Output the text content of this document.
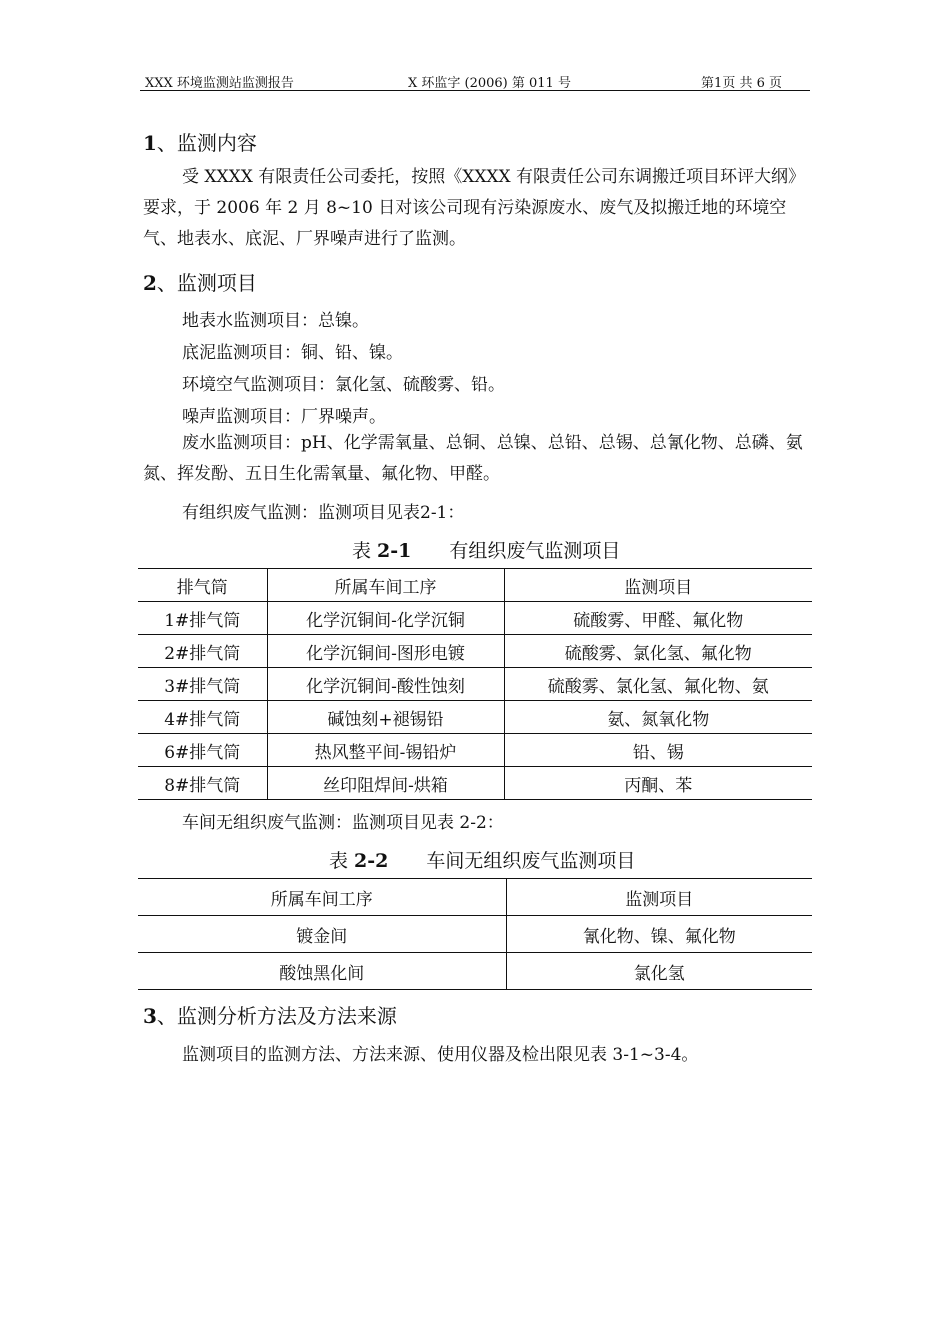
XXX 环境监测站监测报告	X 环监字 (2006) 第 011 号	第1页 共 6 页
1、监测内容
受 XXXX 有限责任公司委托，按照《XXXX 有限责任公司东调搬迁项目环评大纲》要求，于 2006 年 2 月 8~10 日对该公司现有污染源废水、废气及拟搬迁地的环境空气、地表水、底泥、厂界噪声进行了监测。
2、监测项目
地表水监测项目：总镍。
底泥监测项目：铜、铅、镍。
环境空气监测项目：氯化氢、硫酸雾、铅。
噪声监测项目：厂界噪声。
废水监测项目：pH、化学需氧量、总铜、总镍、总铅、总锡、总氰化物、总磷、氨氮、挥发酚、五日生化需氧量、氟化物、甲醛。
有组织废气监测：监测项目见表2-1：
表 2-1 有组织废气监测项目
排气筒	所属车间工序	监测项目
1#排气筒	化学沉铜间-化学沉铜	硫酸雾、甲醛、氟化物
2#排气筒	化学沉铜间-图形电镀	硫酸雾、氯化氢、氟化物
3#排气筒	化学沉铜间-酸性蚀刻	硫酸雾、氯化氢、氟化物、氨
4#排气筒	碱蚀刻+褪锡铅	氨、氮氧化物
6#排气筒	热风整平间-锡铅炉	铅、锡
8#排气筒	丝印阻焊间-烘箱	丙酮、苯
车间无组织废气监测：监测项目见表 2-2：
表 2-2 车间无组织废气监测项目
所属车间工序	监测项目
镀金间	氰化物、镍、氟化物
酸蚀黑化间	氯化氢
3、监测分析方法及方法来源
监测项目的监测方法、方法来源、使用仪器及检出限见表 3-1~3-4。
